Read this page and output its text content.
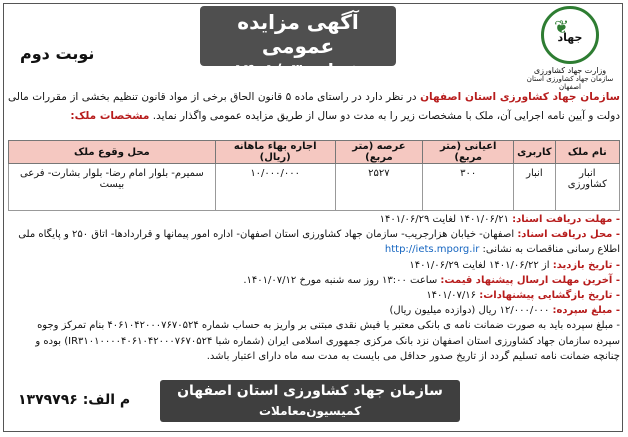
آگهی مزایده عمومی
شماره ۱۴۰۱/۰۳
نوبت دوم
❦
جهاد
وزارت جهاد کشاورزی
سازمان جهاد کشاورزی استان اصفهان
سازمان جهاد کشاورزی استان اصفهان در نظر دارد در راستای ماده ۵ قانون الحاق برخی از مواد قانون تنظیم بخشی از مقررات مالی دولت و آیین نامه اجرایی آن، ملک با مشخصات زیر را به مدت دو سال از طریق مزایده عمومی واگذار نماید. مشخصات ملک:
نام ملک	کاربری	اعیانی (متر مربع)	عرصه (متر مربع)	اجاره بهاء ماهانه (ریال)	محل وقوع ملک
انبار کشاورزی	انبار	۳۰۰	۲۵۲۷	۱۰/۰۰۰/۰۰۰	سمیرم- بلوار امام رضا- بلوار بشارت- فرعی بیست

- مهلت دریافت اسناد: ۱۴۰۱/۰۶/۲۱ لغایت ۱۴۰۱/۰۶/۲۹

- محل دریافت اسناد: اصفهان- خیابان هزارجریب- سازمان جهاد کشاورزی استان اصفهان- اداره امور پیمانها و قراردادها- اتاق ۲۵۰ و پایگاه ملی اطلاع رسانی مناقصات به نشانی: http://iets.mporg.ir

- تاریخ بازدید: از ۱۴۰۱/۰۶/۲۲ لغایت ۱۴۰۱/۰۶/۲۹

- آخرین مهلت ارسال پیشنهاد قیمت: ساعت ۱۳:۰۰ روز سه شنبه مورخ ۱۴۰۱/۰۷/۱۲.

- تاریخ بازگشایی پیشنهادات: ۱۴۰۱/۰۷/۱۶

- مبلغ سپرده: ۱۲/۰۰۰/۰۰۰ ریال (دوازده میلیون ریال)

- مبلغ سپرده باید به صورت ضمانت نامه ی بانکی معتبر یا فیش نقدی مبتنی بر واریز به حساب شماره ۴۰۶۱۰۴۲۰۰۰۷۶۷۰۵۲۴ بنام تمرکز وجوه سپرده سازمان جهاد کشاورزی استان اصفهان نزد بانک مرکزی جمهوری اسلامی ایران (شماره شبا IR۳۱۰۱۰۰۰۰۴۰۶۱۰۴۲۰۰۰۷۶۷۰۵۲۴) بوده و چنانچه ضمانت نامه تسلیم گردد از تاریخ صدور حداقل می بایست به مدت سه ماه دارای اعتبار باشد.

سازمان جهاد کشاورزی استان اصفهان
کمیسیون‌معاملات
م الف: ۱۳۷۹۷۹۶
